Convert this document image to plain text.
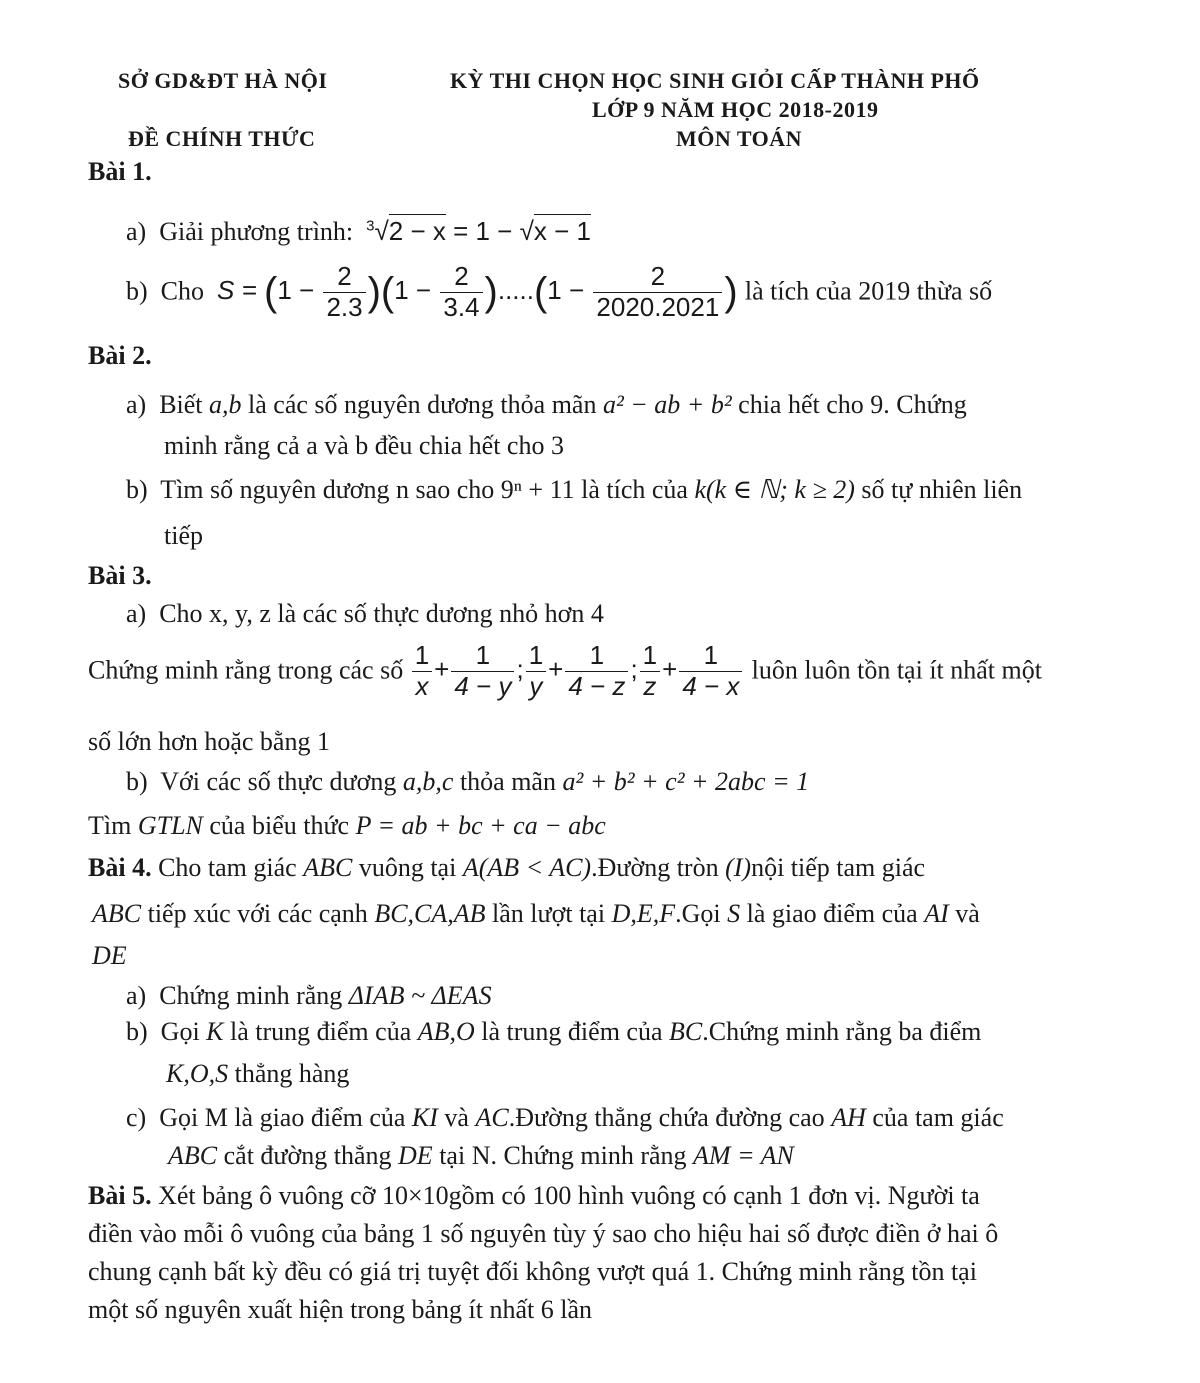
SỞ GD&ĐT HÀ NỘI
ĐỀ CHÍNH THỨC
KỲ THI CHỌN HỌC SINH GIỎI CẤP THÀNH PHỐ
LỚP 9 NĂM HỌC 2018-2019
MÔN TOÁN
Bài 1.
a) Giải phương trình: $^3$√2 − x = 1 − √x − 1
b) Cho $S = (1 - \frac{2}{2.3} )(1 - \frac{2}{3.4} ).....(1 - \frac{2}{2020.2021}$ ) là tích của 2019 thừa số
Bài 2.
a) Biết a,b là các số nguyên dương thỏa mãn a² − ab + b² chia hết cho 9. Chứng
minh rằng cả a và b đều chia hết cho 3
b) Tìm số nguyên dương n sao cho 9ⁿ + 11 là tích của k(k ∈ ℕ; k ≥ 2) số tự nhiên liên
tiếp
Bài 3.
a) Cho x, y, z là các số thực dương nhỏ hơn 4
Chứng minh rằng trong các số $\frac{1}{x} + \frac{1}{4 - y}$ ; $\frac{1}{y} + \frac{1}{4 - z}$ ; $\frac{1}{z} + \frac{1}{4 - x}$ luôn luôn tồn tại ít nhất một
số lớn hơn hoặc bằng 1
b) Với các số thực dương a,b,c thỏa mãn a² + b² + c² + 2abc = 1
Tìm GTLN của biểu thức P = ab + bc + ca − abc
Bài 4. Cho tam giác ABC vuông tại A(AB < AC).Đường tròn (I)nội tiếp tam giác
ABC tiếp xúc với các cạnh BC,CA,AB lần lượt tại D,E,F.Gọi S là giao điểm của AI và
DE
a) Chứng minh rằng ΔIAB ~ ΔEAS
b) Gọi K là trung điểm của AB,O là trung điểm của BC.Chứng minh rằng ba điểm
K,O,S thẳng hàng
c) Gọi M là giao điểm của KI và AC.Đường thẳng chứa đường cao AH của tam giác
ABC cắt đường thẳng DE tại N. Chứng minh rằng AM = AN
Bài 5. Xét bảng ô vuông cỡ 10×10gồm có 100 hình vuông có cạnh 1 đơn vị. Người ta
điền vào mỗi ô vuông của bảng 1 số nguyên tùy ý sao cho hiệu hai số được điền ở hai ô
chung cạnh bất kỳ đều có giá trị tuyệt đối không vượt quá 1. Chứng minh rằng tồn tại
một số nguyên xuất hiện trong bảng ít nhất 6 lần
